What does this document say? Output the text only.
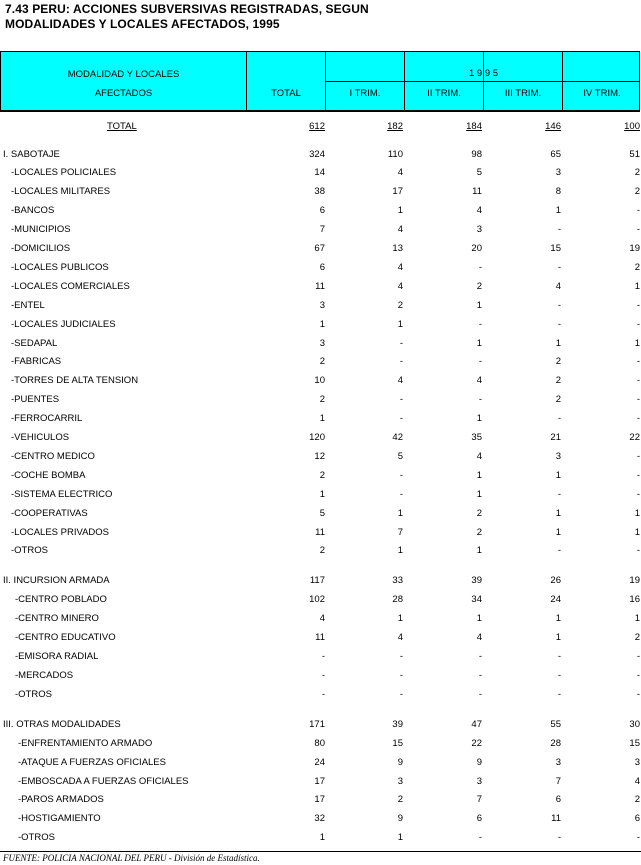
7.43 PERU: ACCIONES SUBVERSIVAS REGISTRADAS, SEGUN
MODALIDADES Y LOCALES AFECTADOS, 1995
MODALIDAD Y LOCALES
AFECTADOS	TOTAL
1 9 9 5
I TRIM.	II TRIM.	III TRIM.	IV TRIM.
TOTAL	612	182	184	146	100
I. SABOTAJE	324	110	98	65	51
-LOCALES POLICIALES	14	4	5	3	2
-LOCALES MILITARES	38	17	11	8	2
-BANCOS	6	1	4	1	-
-MUNICIPIOS	7	4	3	-	-
-DOMICILIOS	67	13	20	15	19
-LOCALES PUBLICOS	6	4	-	-	2
-LOCALES COMERCIALES	11	4	2	4	1
-ENTEL	3	2	1	-	-
-LOCALES JUDICIALES	1	1	-	-	-
-SEDAPAL	3	-	1	1	1
-FABRICAS	2	-	-	2	-
-TORRES DE ALTA TENSION	10	4	4	2	-
-PUENTES	2	-	-	2	-
-FERROCARRIL	1	-	1	-	-
-VEHICULOS	120	42	35	21	22
-CENTRO MEDICO	12	5	4	3	-
-COCHE BOMBA	2	-	1	1	-
-SISTEMA ELECTRICO	1	-	1	-	-
-COOPERATIVAS	5	1	2	1	1
-LOCALES PRIVADOS	11	7	2	1	1
-OTROS	2	1	1	-	-
II. INCURSION ARMADA	117	33	39	26	19
-CENTRO POBLADO	102	28	34	24	16
-CENTRO MINERO	4	1	1	1	1
-CENTRO EDUCATIVO	11	4	4	1	2
-EMISORA RADIAL	-	-	-	-	-
-MERCADOS	-	-	-	-	-
-OTROS	-	-	-	-	-
III. OTRAS MODALIDADES	171	39	47	55	30
-ENFRENTAMIENTO ARMADO	80	15	22	28	15
-ATAQUE A FUERZAS OFICIALES	24	9	9	3	3
-EMBOSCADA A FUERZAS OFICIALES	17	3	3	7	4
-PAROS ARMADOS	17	2	7	6	2
-HOSTIGAMIENTO	32	9	6	11	6
-OTROS	1	1	-	-	-
FUENTE: POLICIA NACIONAL DEL PERU - División de Estadística.
